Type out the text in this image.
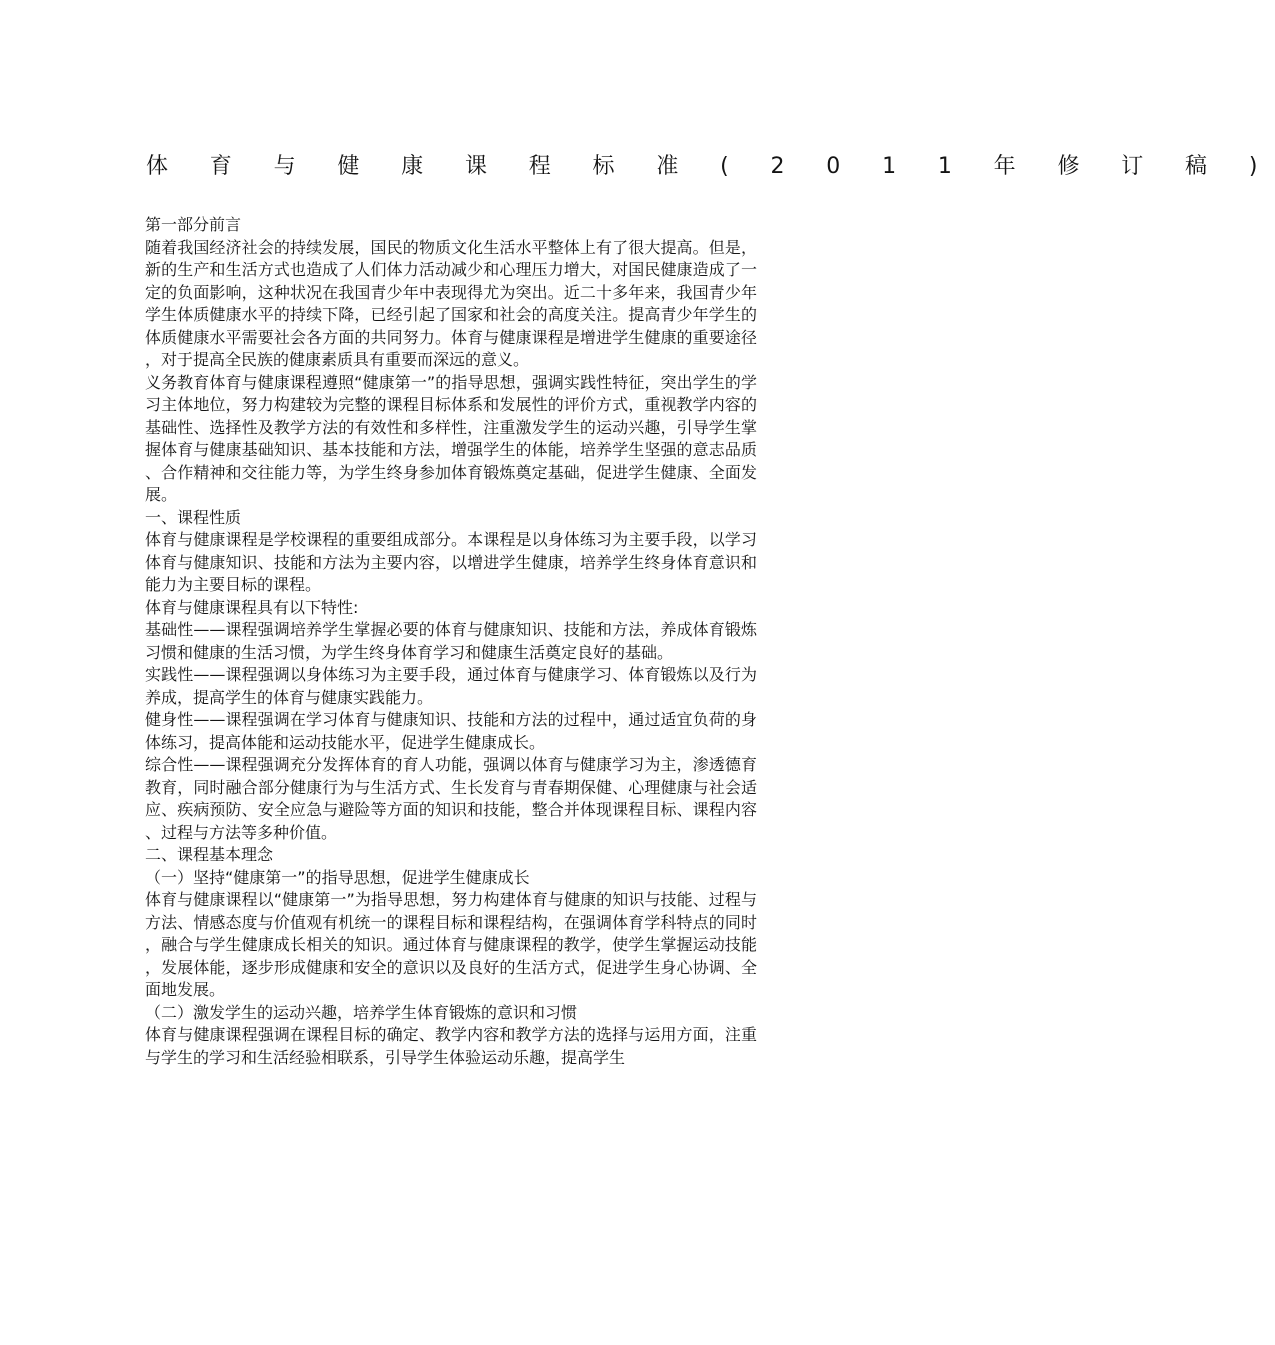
体 育 与 健 康 课 程 标 准 ( 2 0 1 1 年 修 订 稿 )

第一部分前言

随着我国经济社会的持续发展，国民的物质文化生活水平整体上有了很大提高。但是，新的生产和生活方式也造成了人们体力活动减少和心理压力增大，对国民健康造成了一定的负面影响，这种状况在我国青少年中表现得尤为突出。近二十多年来，我国青少年学生体质健康水平的持续下降，已经引起了国家和社会的高度关注。提高青少年学生的体质健康水平需要社会各方面的共同努力。体育与健康课程是增进学生健康的重要途径，对于提高全民族的健康素质具有重要而深远的意义。

义务教育体育与健康课程遵照“健康第一”的指导思想，强调实践性特征，突出学生的学习主体地位，努力构建较为完整的课程目标体系和发展性的评价方式，重视教学内容的基础性、选择性及教学方法的有效性和多样性，注重激发学生的运动兴趣，引导学生掌握体育与健康基础知识、基本技能和方法，增强学生的体能，培养学生坚强的意志品质、合作精神和交往能力等，为学生终身参加体育锻炼奠定基础，促进学生健康、全面发展。

一、课程性质

体育与健康课程是学校课程的重要组成部分。本课程是以身体练习为主要手段，以学习体育与健康知识、技能和方法为主要内容，以增进学生健康，培养学生终身体育意识和能力为主要目标的课程。

体育与健康课程具有以下特性:

基础性——课程强调培养学生掌握必要的体育与健康知识、技能和方法，养成体育锻炼习惯和健康的生活习惯，为学生终身体育学习和健康生活奠定良好的基础。

实践性——课程强调以身体练习为主要手段，通过体育与健康学习、体育锻炼以及行为养成，提高学生的体育与健康实践能力。

健身性——课程强调在学习体育与健康知识、技能和方法的过程中，通过适宜负荷的身体练习，提高体能和运动技能水平，促进学生健康成长。

综合性——课程强调充分发挥体育的育人功能，强调以体育与健康学习为主，渗透德育教育，同时融合部分健康行为与生活方式、生长发育与青春期保健、心理健康与社会适应、疾病预防、安全应急与避险等方面的知识和技能，整合并体现课程目标、课程内容、过程与方法等多种价值。

二、课程基本理念

（一）坚持“健康第一”的指导思想，促进学生健康成长

体育与健康课程以“健康第一”为指导思想，努力构建体育与健康的知识与技能、过程与方法、情感态度与价值观有机统一的课程目标和课程结构，在强调体育学科特点的同时，融合与学生健康成长相关的知识。通过体育与健康课程的教学，使学生掌握运动技能，发展体能，逐步形成健康和安全的意识以及良好的生活方式，促进学生身心协调、全面地发展。

（二）激发学生的运动兴趣，培养学生体育锻炼的意识和习惯

体育与健康课程强调在课程目标的确定、教学内容和教学方法的选择与运用方面，注重与学生的学习和生活经验相联系，引导学生体验运动乐趣，提高学生
